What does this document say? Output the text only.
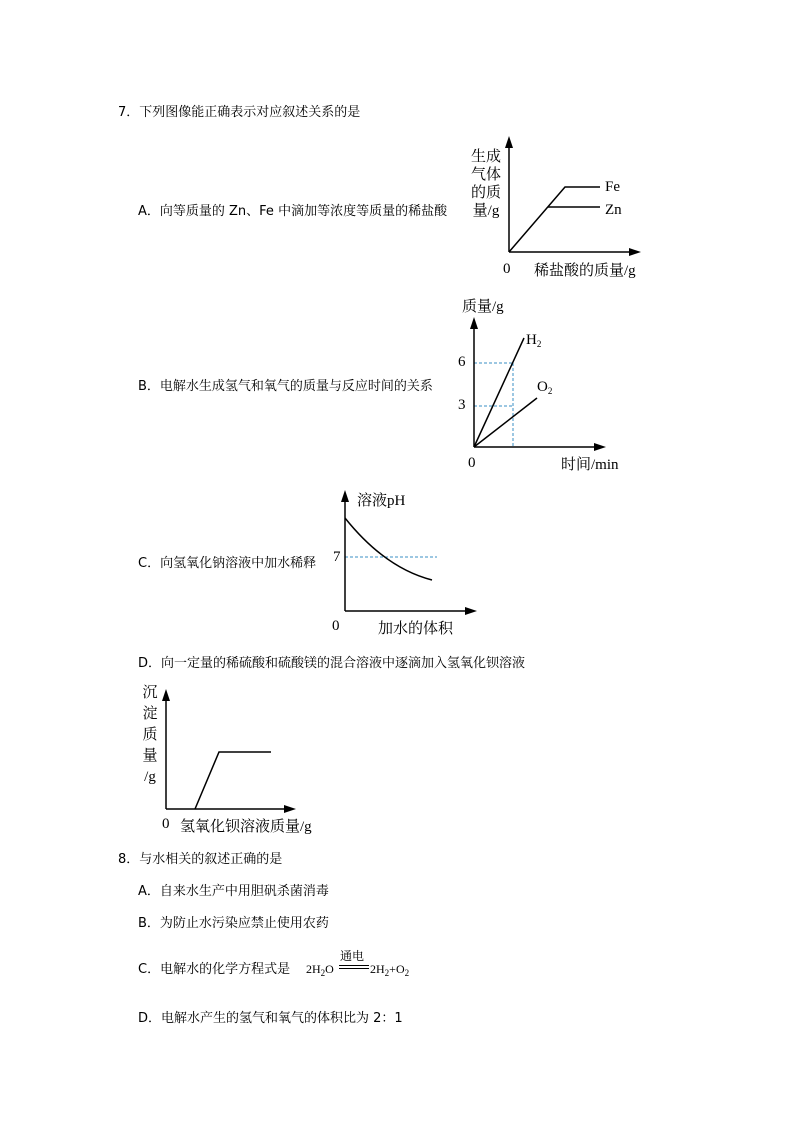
7．下列图像能正确表示对应叙述关系的是
A．向等质量的 Zn、Fe 中滴加等浓度等质量的稀盐酸
生成
气体
的质
量/g
Fe
Zn
0 稀盐酸的质量/g
B．电解水生成氢气和氧气的质量与反应时间的关系
质量/g
6
3
$H_2$
$O_2$
0	时间/min
C．向氢氧化钠溶液中加水稀释
溶液pH
7
0	加水的体积
D．向一定量的稀硫酸和硫酸镁的混合溶液中逐滴加入氢氧化钡溶液
沉
淀
质
量
/g
0 氢氧化钡溶液质量/g
8．与水相关的叙述正确的是
A．自来水生产中用胆矾杀菌消毒
B．为防止水污染应禁止使用农药
C．电解水的化学方程式是 $2H_2O$
通电
$2H_2+O_2$
D．电解水产生的氢气和氧气的体积比为 2：1
